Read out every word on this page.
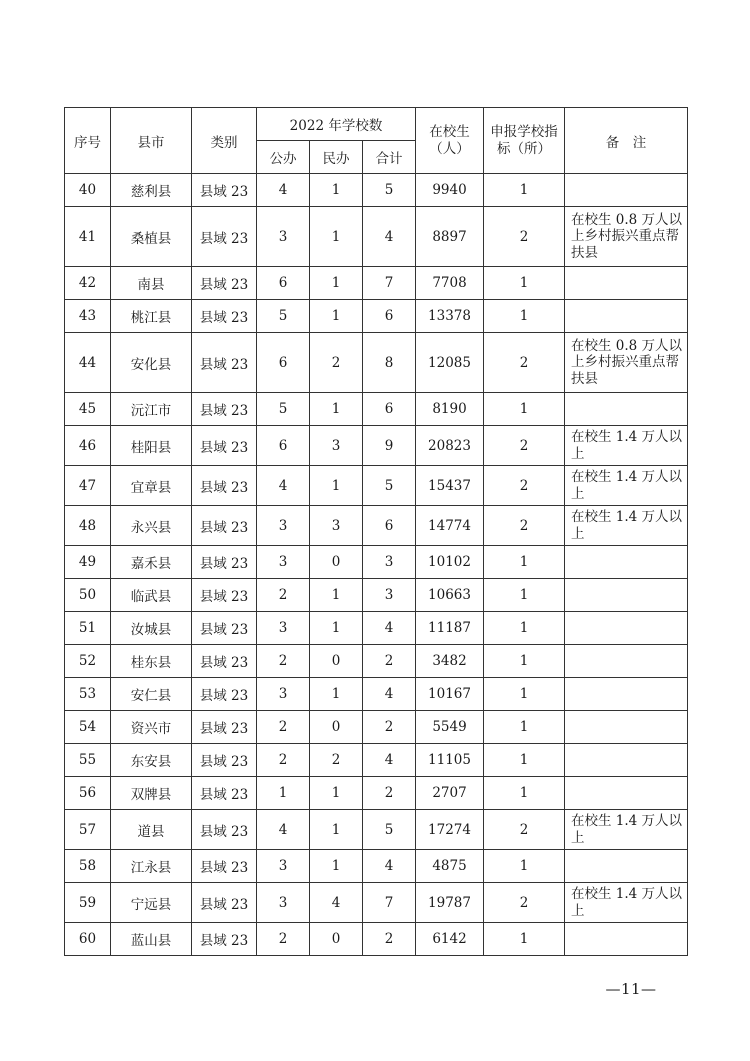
序号	县市	类别	2022 年学校数			在校生（人）	申报学校指标（所）	备　注
			公办	民办	合计			
40	慈利县	县域 23	4	1	5	9940	1	
41	桑植县	县域 23	3	1	4	8897	2	在校生 0.8 万人以上乡村振兴重点帮扶县
42	南县	县域 23	6	1	7	7708	1	
43	桃江县	县域 23	5	1	6	13378	1	
44	安化县	县域 23	6	2	8	12085	2	在校生 0.8 万人以上乡村振兴重点帮扶县
45	沅江市	县域 23	5	1	6	8190	1	
46	桂阳县	县域 23	6	3	9	20823	2	在校生 1.4 万人以上
47	宜章县	县域 23	4	1	5	15437	2	在校生 1.4 万人以上
48	永兴县	县域 23	3	3	6	14774	2	在校生 1.4 万人以上
49	嘉禾县	县域 23	3	0	3	10102	1	
50	临武县	县域 23	2	1	3	10663	1	
51	汝城县	县域 23	3	1	4	11187	1	
52	桂东县	县域 23	2	0	2	3482	1	
53	安仁县	县域 23	3	1	4	10167	1	
54	资兴市	县域 23	2	0	2	5549	1	
55	东安县	县域 23	2	2	4	11105	1	
56	双牌县	县域 23	1	1	2	2707	1	
57	道县	县域 23	4	1	5	17274	2	在校生 1.4 万人以上
58	江永县	县域 23	3	1	4	4875	1	
59	宁远县	县域 23	3	4	7	19787	2	在校生 1.4 万人以上
60	蓝山县	县域 23	2	0	2	6142	1	
—11—
